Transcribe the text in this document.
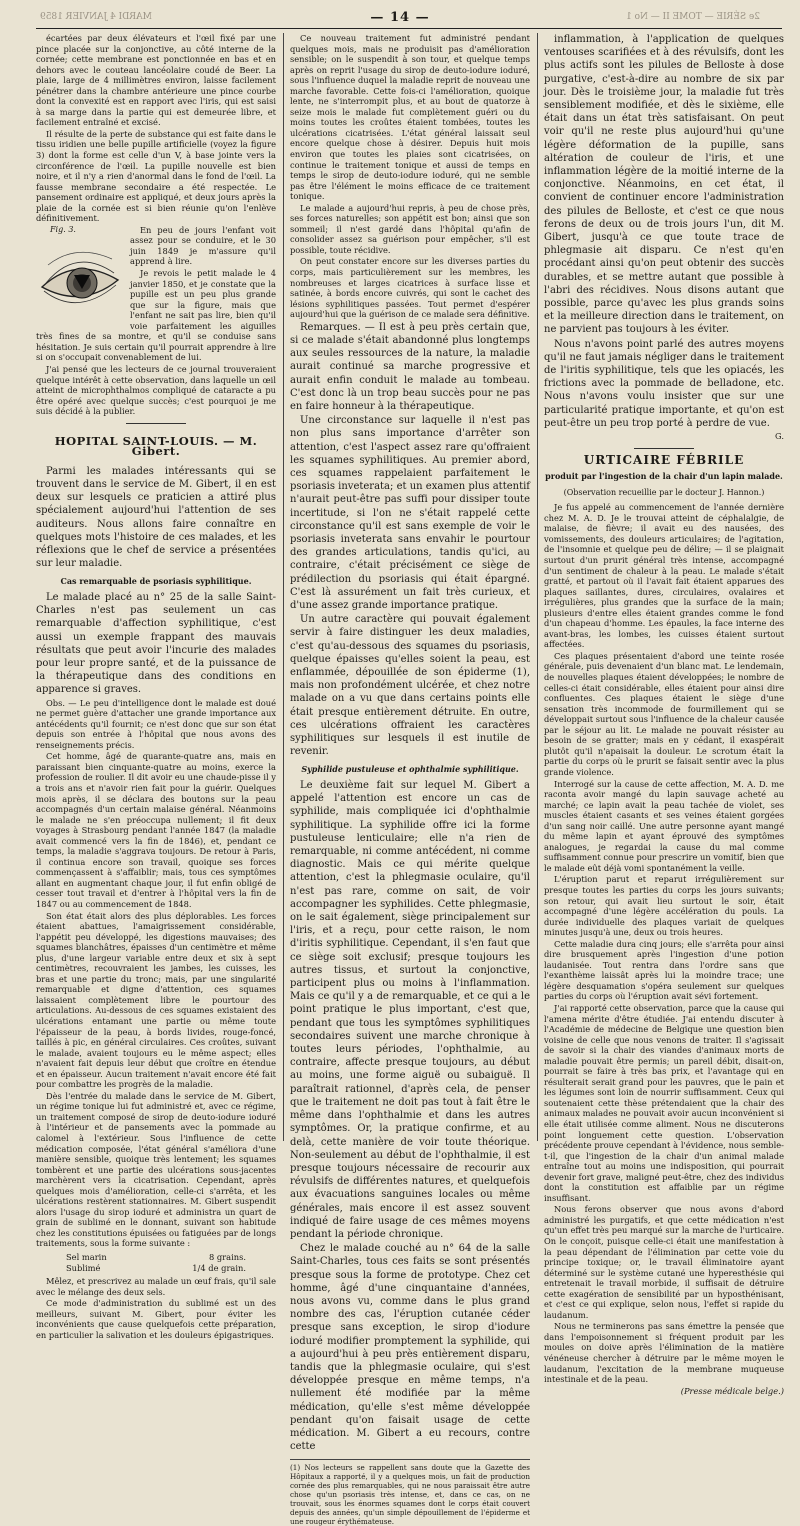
MARDI 4 JANVIER 1859	— 14 —	2e SÉRIE — TOME II — No 1

écartées par deux élévateurs et l'œil fixé par une pince placée sur la conjonctive, au côté interne de la cornée; cette membrane est ponctionnée en bas et en dehors avec le couteau lancéolaire coudé de Beer. La plaie, large de 4 millimètres environ, laisse facilement pénétrer dans la chambre antérieure une pince courbe dont la convexité est en rapport avec l'iris, qui est saisi à sa marge dans la partie qui est demeurée libre, et facilement entraîné et excisé.

Il résulte de la perte de substance qui est faite dans le tissu iridien une belle pupille artificielle (voyez la figure 3) dont la forme est celle d'un V, à base jointe vers la circonférence de l'œil. La pupille nouvelle est bien noire, et il n'y a rien d'anormal dans le fond de l'œil. La fausse membrane secondaire a été respectée. Le pansement ordinaire est appliqué, et deux jours après la plaie de la cornée est si bien réunie qu'on l'enlève définitivement.

Fig. 3.	En peu de jours l'enfant voit assez pour se conduire, et le 30 juin 1849 je m'assure qu'il apprend à lire.

Je revois le petit malade le 4 janvier 1850, et je constate que la pupille est un peu plus grande que sur la figure, mais que l'enfant ne sait pas lire, bien qu'il voie parfaitement les aiguilles très fines de sa montre, et qu'il se conduise sans hésitation. Je suis certain qu'il pourrait apprendre à lire si on s'occupait convenablement de lui.

J'ai pensé que les lecteurs de ce journal trouveraient quelque intérêt à cette observation, dans laquelle un œil atteint de microphthalmos compliqué de cataracte a pu être opéré avec quelque succès; c'est pourquoi je me suis décidé à la publier.

HOPITAL SAINT-LOUIS. — M. Gibert.

Parmi les malades intéressants qui se trouvent dans le service de M. Gibert, il en est deux sur lesquels ce praticien a attiré plus spécialement aujourd'hui l'attention de ses auditeurs. Nous allons faire connaître en quelques mots l'histoire de ces malades, et les réflexions que le chef de service a présentées sur leur maladie.

Cas remarquable de psoriasis syphilitique.

Le malade placé au n° 25 de la salle Saint-Charles n'est pas seulement un cas remarquable d'affection syphilitique, c'est aussi un exemple frappant des mauvais résultats que peut avoir l'incurie des malades pour leur propre santé, et de la puissance de la thérapeutique dans des conditions en apparence si graves.

Obs. — Le peu d'intelligence dont le malade est doué ne permet guère d'attacher une grande importance aux antécédents qu'il fournit; ce n'est donc que sur son état depuis son entrée à l'hôpital que nous avons des renseignements précis.

Cet homme, âgé de quarante-quatre ans, mais en paraissant bien cinquante-quatre au moins, exerce la profession de roulier. Il dit avoir eu une chaude-pisse il y a trois ans et n'avoir rien fait pour la guérir. Quelques mois après, il se déclara des boutons sur la peau accompagnés d'un certain malaise général. Néanmoins le malade ne s'en préoccupa nullement; il fit deux voyages à Strasbourg pendant l'année 1847 (la maladie avait commencé vers la fin de 1846), et, pendant ce temps, la maladie s'aggrava toujours. De retour à Paris, il continua encore son travail, quoique ses forces commençassent à s'affaiblir; mais, tous ces symptômes allant en augmentant chaque jour, il fut enfin obligé de cesser tout travail et d'entrer à l'hôpital vers la fin de 1847 ou au commencement de 1848.

Son état était alors des plus déplorables. Les forces étaient abattues, l'amaigrissement considérable, l'appétit peu développé, les digestions mauvaises; des squames blanchâtres, épaisses d'un centimètre et même plus, d'une largeur variable entre deux et six à sept centimètres, recouvraient les jambes, les cuisses, les bras et une partie du tronc; mais, par une singularité remarquable et digne d'attention, ces squames laissaient complètement libre le pourtour des articulations. Au-dessous de ces squames existaient des ulcérations entamant une partie ou même toute l'épaisseur de la peau, à bords livides, rouge-foncé, taillés à pic, en général circulaires. Ces croûtes, suivant le malade, avaient toujours eu le même aspect; elles n'avaient fait depuis leur début que croître en étendue et en épaisseur. Aucun traitement n'avait encore été fait pour combattre les progrès de la maladie.

Dès l'entrée du malade dans le service de M. Gibert, un régime tonique lui fut administré et, avec ce régime, un traitement composé de sirop de deuto-iodure ioduré à l'intérieur et de pansements avec la pommade au calomel à l'extérieur. Sous l'influence de cette médication composée, l'état général s'améliora d'une manière sensible, quoique très lentement; les squames tombèrent et une partie des ulcérations sous-jacentes marchèrent vers la cicatrisation. Cependant, après quelques mois d'amélioration, celle-ci s'arrêta, et les ulcérations restèrent stationnaires. M. Gibert suspendit alors l'usage du sirop ioduré et administra un quart de grain de sublimé en le donnant, suivant son habitude chez les constitutions épuisées ou fatiguées par de longs traitements, sous la forme suivante :

Sel marin	8 grains.
Sublimé	1/4 de grain.

Mêlez, et prescrivez au malade un œuf frais, qu'il sale avec le mélange des deux sels.

Ce mode d'administration du sublimé est un des meilleurs, suivant M. Gibert, pour éviter les inconvénients que cause quelquefois cette préparation, en particulier la salivation et les douleurs épigastriques.

Ce nouveau traitement fut administré pendant quelques mois, mais ne produisit pas d'amélioration sensible; on le suspendit à son tour, et quelque temps après on reprit l'usage du sirop de deuto-iodure ioduré, sous l'influence duquel la maladie reprit de nouveau une marche favorable. Cette fois-ci l'amélioration, quoique lente, ne s'interrompit plus, et au bout de quatorze à seize mois le malade fut complètement guéri ou du moins toutes les croûtes étaient tombées, toutes les ulcérations cicatrisées. L'état général laissait seul encore quelque chose à désirer. Depuis huit mois environ que toutes les plaies sont cicatrisées, on continue le traitement tonique et aussi de temps en temps le sirop de deuto-iodure ioduré, qui ne semble pas être l'élément le moins efficace de ce traitement tonique.

Le malade a aujourd'hui repris, à peu de chose près, ses forces naturelles; son appétit est bon; ainsi que son sommeil; il n'est gardé dans l'hôpital qu'afin de consolider assez sa guérison pour empêcher, s'il est possible, toute récidive.

On peut constater encore sur les diverses parties du corps, mais particulièrement sur les membres, les nombreuses et larges cicatrices à surface lisse et satinée, à bords encore cuivrés, qui sont le cachet des lésions syphilitiques passées. Tout permet d'espérer aujourd'hui que la guérison de ce malade sera définitive.

Remarques. — Il est à peu près certain que, si ce malade s'était abandonné plus longtemps aux seules ressources de la nature, la maladie aurait continué sa marche progressive et aurait enfin conduit le malade au tombeau. C'est donc là un trop beau succès pour ne pas en faire honneur à la thérapeutique.

Une circonstance sur laquelle il n'est pas non plus sans importance d'arrêter son attention, c'est l'aspect assez rare qu'offraient les squames syphilitiques. Au premier abord, ces squames rappelaient parfaitement le psoriasis inveterata; et un examen plus attentif n'aurait peut-être pas suffi pour dissiper toute incertitude, si l'on ne s'était rappelé cette circonstance qu'il est sans exemple de voir le psoriasis inveterata sans envahir le pourtour des grandes articulations, tandis qu'ici, au contraire, c'était précisément ce siège de prédilection du psoriasis qui était épargné. C'est là assurément un fait très curieux, et d'une assez grande importance pratique.

Un autre caractère qui pouvait également servir à faire distinguer les deux maladies, c'est qu'au-dessous des squames du psoriasis, quelque épaisses qu'elles soient la peau, est enflammée, dépouillée de son épiderme (1), mais non profondément ulcérée, et chez notre malade on a vu que dans certains points elle était presque entièrement détruite. En outre, ces ulcérations offraient les caractères syphilitiques sur lesquels il est inutile de revenir.

Syphilide pustuleuse et ophthalmie syphilitique.

Le deuxième fait sur lequel M. Gibert a appelé l'attention est encore un cas de syphilide, mais compliquée ici d'ophthalmie syphilitique. La syphilide offre ici la forme pustuleuse lenticulaire; elle n'a rien de remarquable, ni comme antécédent, ni comme diagnostic. Mais ce qui mérite quelque attention, c'est la phlegmasie oculaire, qu'il n'est pas rare, comme on sait, de voir accompagner les syphilides. Cette phlegmasie, on le sait également, siège principalement sur l'iris, et a reçu, pour cette raison, le nom d'iritis syphilitique. Cependant, il s'en faut que ce siège soit exclusif; presque toujours les autres tissus, et surtout la conjonctive, participent plus ou moins à l'inflammation. Mais ce qu'il y a de remarquable, et ce qui a le point pratique le plus important, c'est que, pendant que tous les symptômes syphilitiques secondaires suivent une marche chronique à toutes leurs périodes, l'ophthalmie, au contraire, affecte presque toujours, au début au moins, une forme aiguë ou subaiguë. Il paraîtrait rationnel, d'après cela, de penser que le traitement ne doit pas tout à fait être le même dans l'ophthalmie et dans les autres symptômes. Or, la pratique confirme, et au delà, cette manière de voir toute théorique. Non-seulement au début de l'ophthalmie, il est presque toujours nécessaire de recourir aux révulsifs de différentes natures, et quelquefois aux évacuations sanguines locales ou même générales, mais encore il est assez souvent indiqué de faire usage de ces mêmes moyens pendant la période chronique.

Chez le malade couché au n° 64 de la salle Saint-Charles, tous ces faits se sont présentés presque sous la forme de prototype. Chez cet homme, âgé d'une cinquantaine d'années, nous avons vu, comme dans le plus grand nombre des cas, l'éruption cutanée céder presque sans exception, le sirop d'iodure ioduré modifier promptement la syphilide, qui a aujourd'hui à peu près entièrement disparu, tandis que la phlegmasie oculaire, qui s'est développée presque en même temps, n'a nullement été modifiée par la même médication, qu'elle s'est même développée pendant qu'on faisait usage de cette médication. M. Gibert a eu recours, contre cette

(1) Nos lecteurs se rappellent sans doute que la Gazette des Hôpitaux a rapporté, il y a quelques mois, un fait de production cornée des plus remarquables, qui ne nous paraissait être autre chose qu'un psoriasis très intense, et, dans ce cas, on ne trouvait, sous les énormes squames dont le corps était couvert depuis des années, qu'un simple dépouillement de l'épiderme et une rougeur érythémateuse.

inflammation, à l'application de quelques ventouses scarifiées et à des révulsifs, dont les plus actifs sont les pilules de Belloste à dose purgative, c'est-à-dire au nombre de six par jour. Dès le troisième jour, la maladie fut très sensiblement modifiée, et dès le sixième, elle était dans un état très satisfaisant. On peut voir qu'il ne reste plus aujourd'hui qu'une légère déformation de la pupille, sans altération de couleur de l'iris, et une inflammation légère de la moitié interne de la conjonctive. Néanmoins, en cet état, il convient de continuer encore l'administration des pilules de Belloste, et c'est ce que nous ferons de deux ou de trois jours l'un, dit M. Gibert, jusqu'à ce que toute trace de phlegmasie ait disparu. Ce n'est qu'en procédant ainsi qu'on peut obtenir des succès durables, et se mettre autant que possible à l'abri des récidives. Nous disons autant que possible, parce qu'avec les plus grands soins et la meilleure direction dans le traitement, on ne parvient pas toujours à les éviter.

Nous n'avons point parlé des autres moyens qu'il ne faut jamais négliger dans le traitement de l'iritis syphilitique, tels que les opiacés, les frictions avec la pommade de belladone, etc. Nous n'avons voulu insister que sur une particularité pratique importante, et qu'on est peut-être un peu trop porté à perdre de vue.

G.
URTICAIRE FÉBRILE
produit par l'ingestion de la chair d'un lapin malade.
(Observation recueillie par le docteur J. Hannon.)

Je fus appelé au commencement de l'année dernière chez M. A. D. Je le trouvai atteint de céphalalgie, de malaise, de fièvre; il avait eu des nausées, des vomissements, des douleurs articulaires; de l'agitation, de l'insomnie et quelque peu de délire; — il se plaignait surtout d'un prurit général très intense, accompagné d'un sentiment de chaleur à la peau. Le malade s'était gratté, et partout où il l'avait fait étaient apparues des plaques saillantes, dures, circulaires, ovalaires et irrégulières, plus grandes que la surface de la main; plusieurs d'entre elles étaient grandes comme le fond d'un chapeau d'homme. Les épaules, la face interne des avant-bras, les lombes, les cuisses étaient surtout affectées.

Ces plaques présentaient d'abord une teinte rosée générale, puis devenaient d'un blanc mat. Le lendemain, de nouvelles plaques étaient développées; le nombre de celles-ci était considérable, elles étaient pour ainsi dire confluentes. Ces plaques étaient le siège d'une sensation très incommode de fourmillement qui se développait surtout sous l'influence de la chaleur causée par le séjour au lit. Le malade ne pouvait résister au besoin de se gratter; mais en y cédant, il exaspérait plutôt qu'il n'apaisait la douleur. Le scrotum était la partie du corps où le prurit se faisait sentir avec la plus grande violence.

Interrogé sur la cause de cette affection, M. A. D. me raconta avoir mangé du lapin sauvage acheté au marché; ce lapin avait la peau tachée de violet, ses muscles étaient casants et ses veines étaient gorgées d'un sang noir caillé. Une autre personne ayant mangé du même lapin et ayant éprouvé des symptômes analogues, je regardai la cause du mal comme suffisamment connue pour prescrire un vomitif, bien que le malade eût déjà vomi spontanément la veille.

L'éruption parut et reparut irrégulièrement sur presque toutes les parties du corps les jours suivants; son retour, qui avait lieu surtout le soir, était accompagné d'une légère accélération du pouls. La durée individuelle des plaques variait de quelques minutes jusqu'à une, deux ou trois heures.

Cette maladie dura cinq jours; elle s'arrêta pour ainsi dire brusquement après l'ingestion d'une potion laudanisée. Tout rentra dans l'ordre sans que l'exanthème laissât après lui la moindre trace; une légère desquamation s'opéra seulement sur quelques parties du corps où l'éruption avait sévi fortement.

J'ai rapporté cette observation, parce que la cause qui l'amena mérite d'être étudiée. J'ai entendu discuter à l'Académie de médecine de Belgique une question bien voisine de celle que nous venons de traiter. Il s'agissait de savoir si la chair des viandes d'animaux morts de maladie pouvait être permis; un pareil débit, disait-on, pourrait se faire à très bas prix, et l'avantage qui en résulterait serait grand pour les pauvres, que le pain et les légumes sont loin de nourrir suffisamment. Ceux qui soutenaient cette thèse prétendaient que la chair des animaux malades ne pouvait avoir aucun inconvénient si elle était utilisée comme aliment. Nous ne discuterons point longuement cette question. L'observation précédente prouve cependant à l'évidence, nous semble-t-il, que l'ingestion de la chair d'un animal malade entraîne tout au moins une indisposition, qui pourrait devenir fort grave, maligné peut-être, chez des individus dont la constitution est affaiblie par un régime insuffisant.

Nous ferons observer que nous avons d'abord administré les purgatifs, et que cette médication n'est qu'un effet très peu marqué sur la marche de l'urticaire. On le conçoit, puisque celle-ci était une manifestation à la peau dépendant de l'élimination par cette voie du principe toxique; or, le travail éliminatoire ayant déterminé sur le système cutané une hyperesthésie qui entretenait le travail morbide, il suffisait de détruire cette exagération de sensibilité par un hyposthénisant, et c'est ce qui explique, selon nous, l'effet si rapide du laudanum.

Nous ne terminerons pas sans émettre la pensée que dans l'empoisonnement si fréquent produit par les moules on doive après l'élimination de la matière vénéneuse chercher à détruire par le même moyen le laudanum, l'excitation de la membrane muqueuse intestinale et de la peau.

(Presse médicale belge.)
